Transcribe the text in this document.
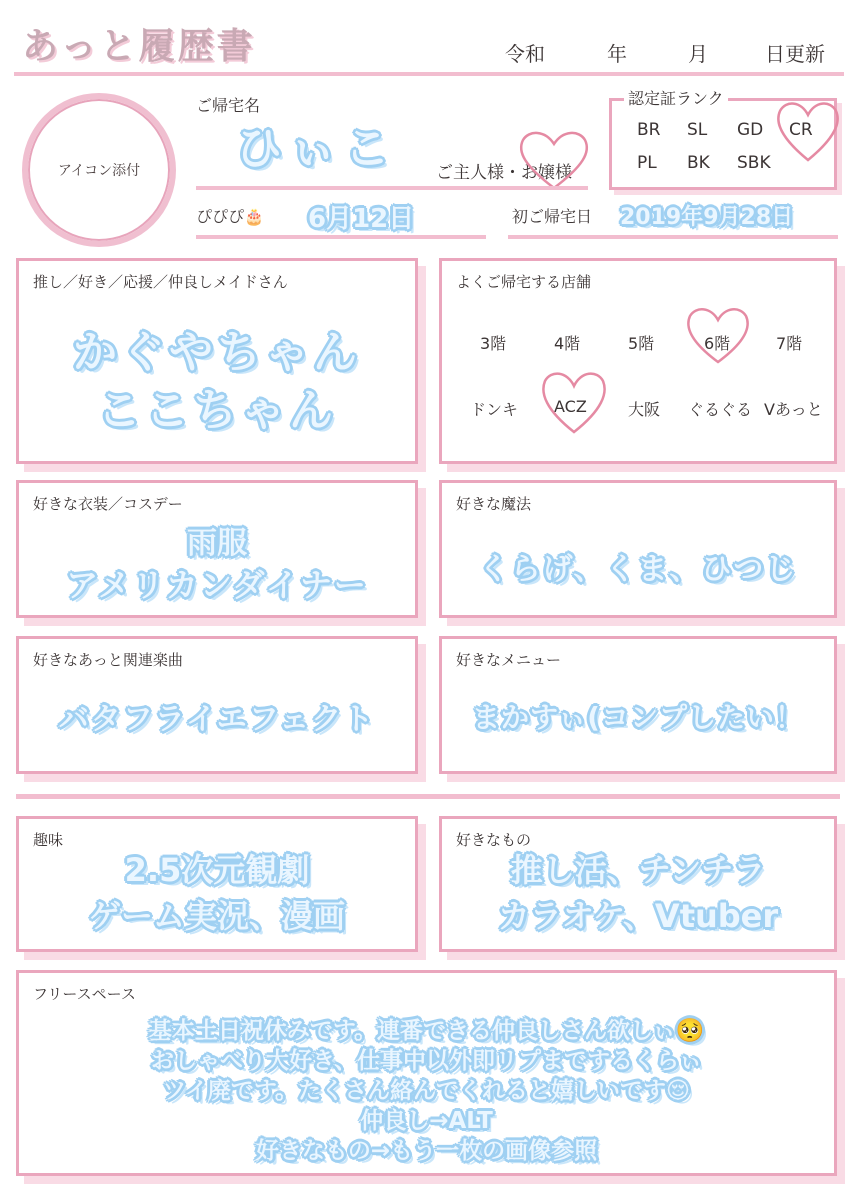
あっと履歴書	令和	年	月	日更新
アイコン添付
ご帰宅名
ひぃこ ご主人様・お嬢様
認定証ランク
BR SL GD CR
PL BK SBK
ぴぴぴ🎂 6月12日	初ご帰宅日 2019年9月28日
推し／好き／応援／仲良しメイドさん
かぐやちゃん
ここちゃん
よくご帰宅する店舗
3階	4階	5階	6階	7階
ドンキ ACZ	大阪 ぐるぐる Vあっと
好きな衣装／コスデー
雨服
アメリカンダイナー
好きな魔法
くらげ、くま、ひつじ
好きなあっと関連楽曲
バタフライエフェクト
好きなメニュー
まかすぃ(コンプしたい！
趣味
2.5次元観劇
ゲーム実況、漫画
好きなもの
推し活、チンチラ
カラオケ、Vtuber
フリースペース
基本土日祝休みです。連番できる仲良しさん欲しぃ🥺
おしゃべり大好き、仕事中以外即リプまでするくらぃ
ツイ廃です。たくさん絡んでくれると嬉しいです😌
仲良し→ALT
好きなもの→もう一枚の画像参照
